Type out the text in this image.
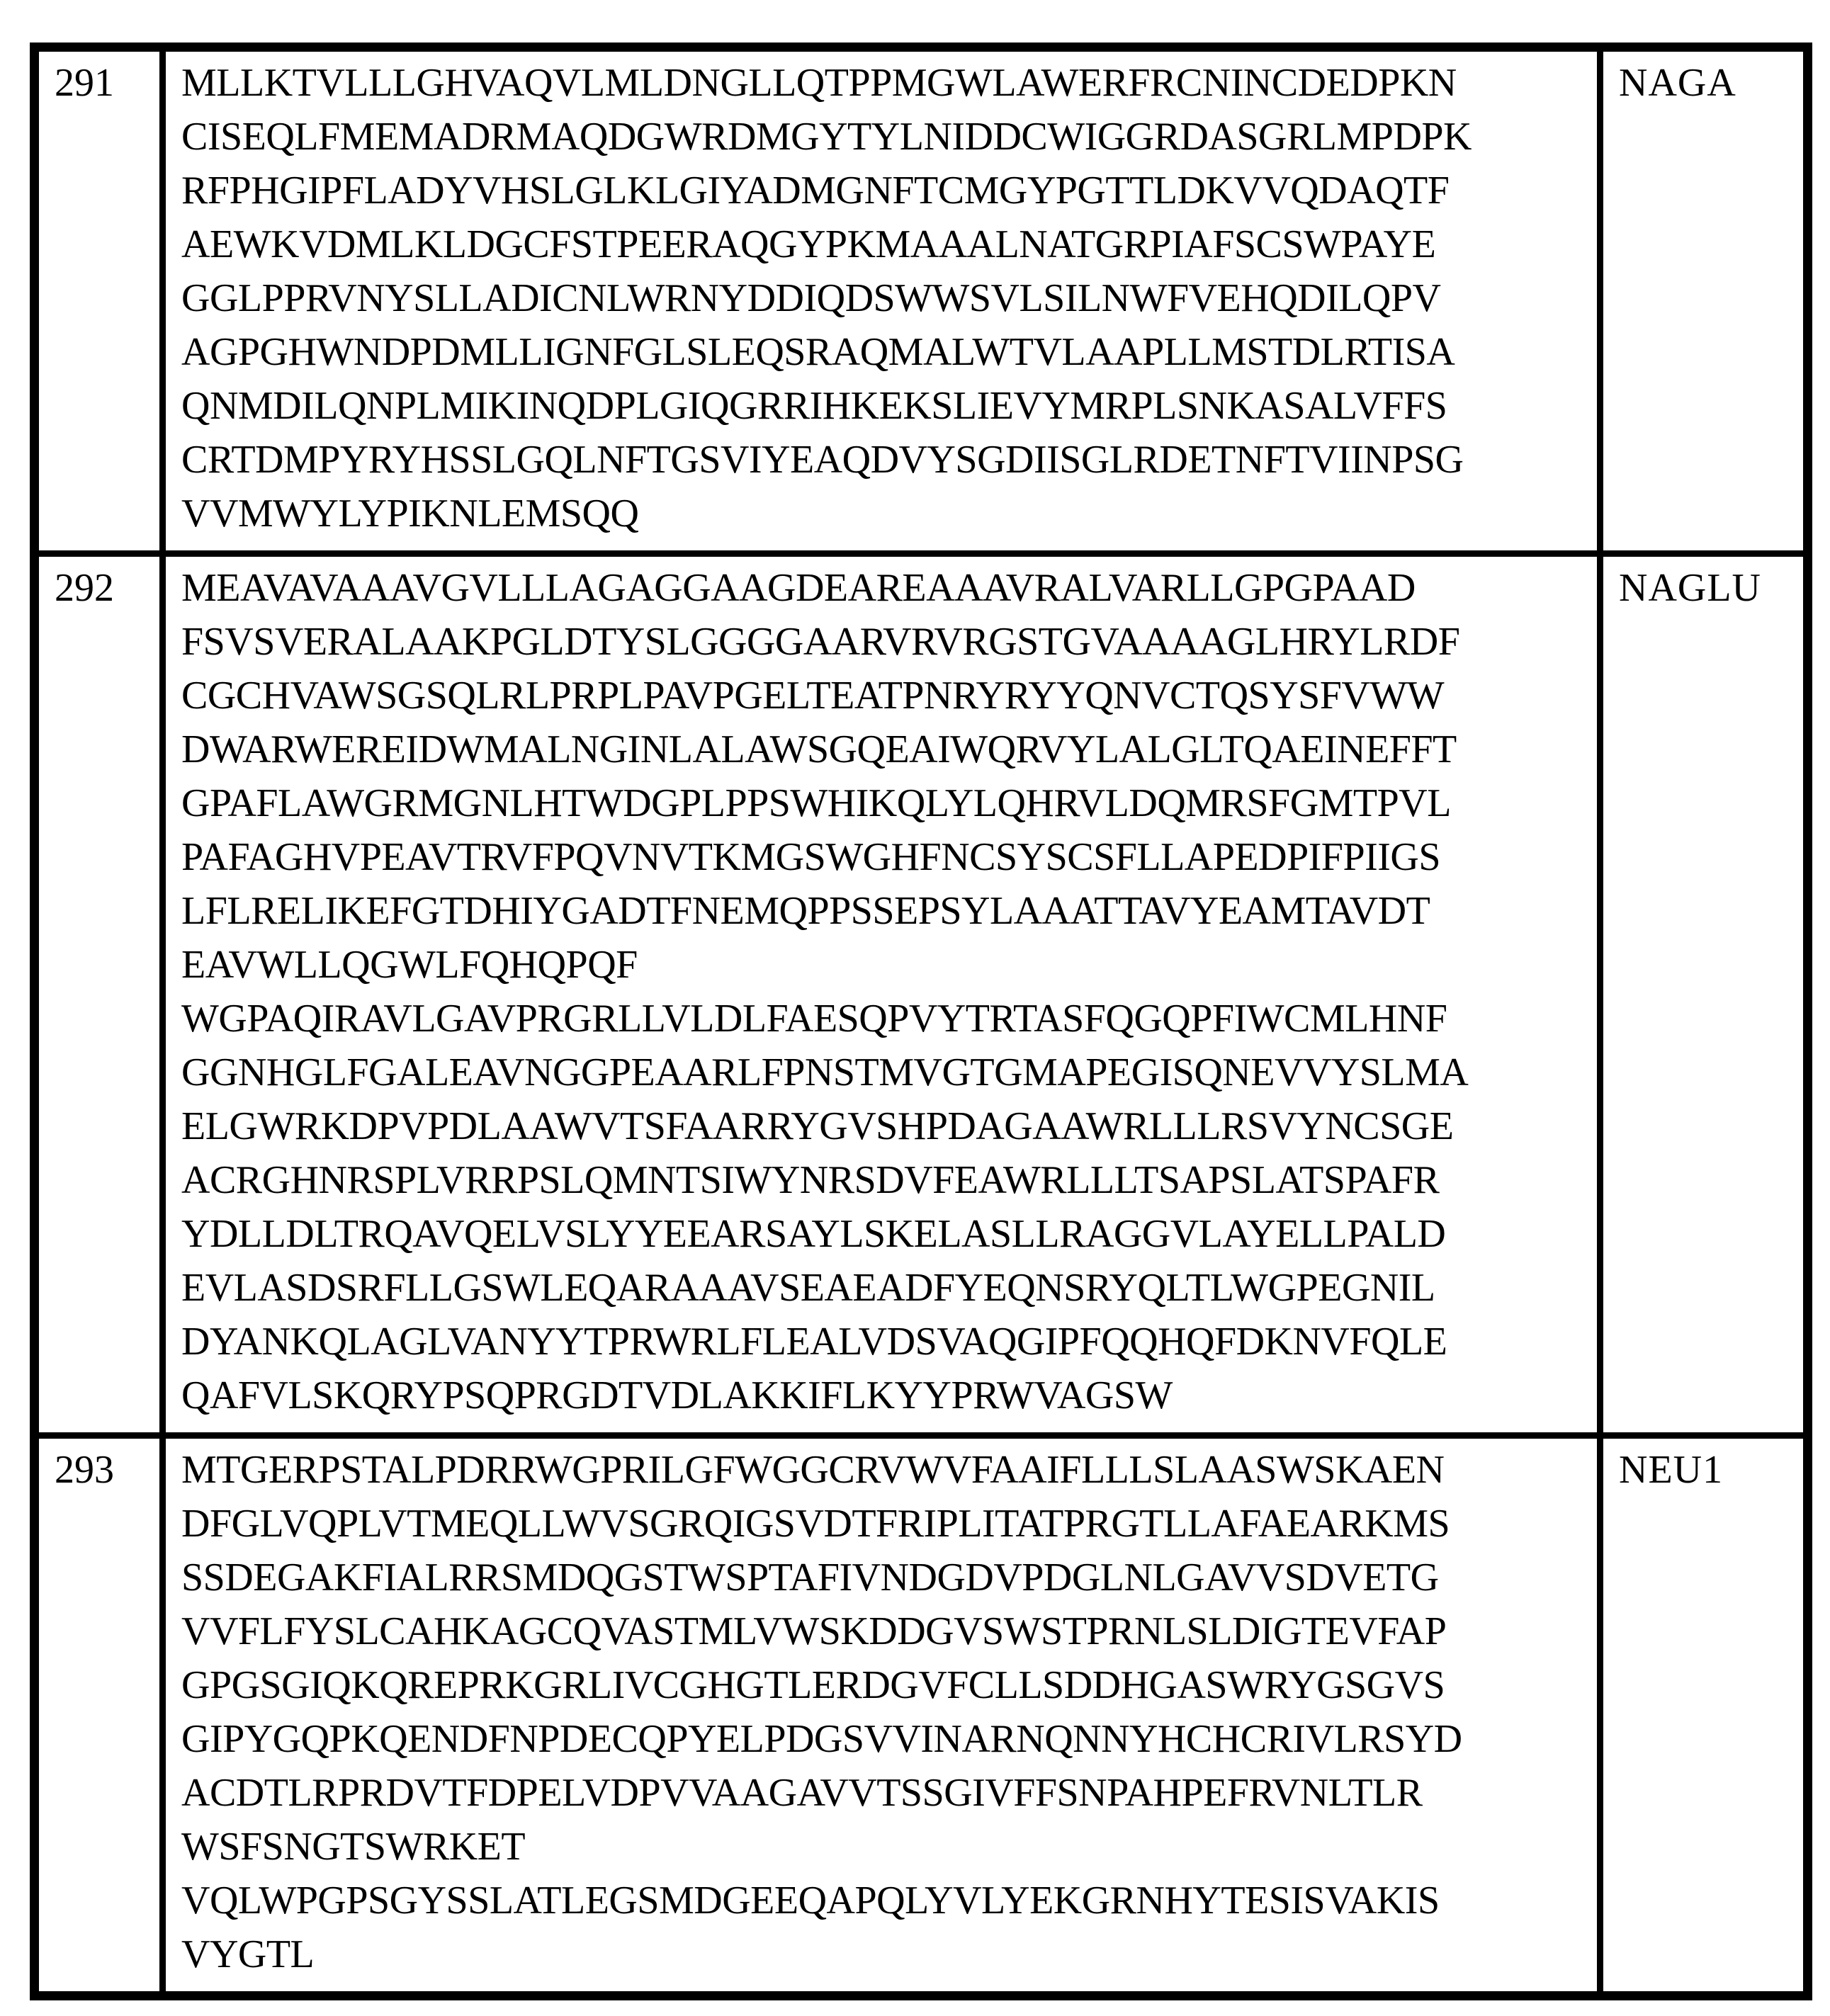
291	MLLKTVLLLGHVAQVLMLDNGLLQTPPMGWLAWERFRCNINCDEDPKN
CISEQLFMEMADRMAQDGWRDMGYTYLNIDDCWIGGRDASGRLMPDPK
RFPHGIPFLADYVHSLGLKLGIYADMGNFTCMGYPGTTLDKVVQDAQTF
AEWKVDMLKLDGCFSTPEERAQGYPKMAAALNATGRPIAFSCSWPAYE
GGLPPRVNYSLLADICNLWRNYDDIQDSWWSVLSILNWFVEHQDILQPV
AGPGHWNDPDMLLIGNFGLSLEQSRAQMALWTVLAAPLLMSTDLRTISA
QNMDILQNPLMIKINQDPLGIQGRRIHKEKSLIEVYMRPLSNKASALVFFS
CRTDMPYRYHSSLGQLNFTGSVIYEAQDVYSGDIISGLRDETNFTVIINPSG
VVMWYLYPIKNLEMSQQ
	NAGA
292	MEAVAVAAAVGVLLLAGAGGAAGDEAREAAAVRALVARLLGPGPAAD
FSVSVERALAAKPGLDTYSLGGGGAARVRVRGSTGVAAAAGLHRYLRDF
CGCHVAWSGSQLRLPRPLPAVPGELTEATPNRYRYYQNVCTQSYSFVWW
DWARWEREIDWMALNGINLALAWSGQEAIWQRVYLALGLTQAEINEFFT
GPAFLAWGRMGNLHTWDGPLPPSWHIKQLYLQHRVLDQMRSFGMTPVL
PAFAGHVPEAVTRVFPQVNVTKMGSWGHFNCSYSCSFLLAPEDPIFPIIGS
LFLRELIKEFGTDHIYGADTFNEMQPPSSEPSYLAAATTAVYEAMTAVDT
EAVWLLQGWLFQHQPQF
WGPAQIRAVLGAVPRGRLLVLDLFAESQPVYTRTASFQGQPFIWCMLHNF
GGNHGLFGALEAVNGGPEAARLFPNSTMVGTGMAPEGISQNEVVYSLMA
ELGWRKDPVPDLAAWVTSFAARRYGVSHPDAGAAWRLLLRSVYNCSGE
ACRGHNRSPLVRRPSLQMNTSIWYNRSDVFEAWRLLLTSAPSLATSPAFR
YDLLDLTRQAVQELVSLYYEEARSAYLSKELASLLRAGGVLAYELLPALD
EVLASDSRFLLGSWLEQARAAAVSEAEADFYEQNSRYQLTLWGPEGNIL
DYANKQLAGLVANYYTPRWRLFLEALVDSVAQGIPFQQHQFDKNVFQLE
QAFVLSKQRYPSQPRGDTVDLAKKIFLKYYPRWVAGSW
	NAGLU
293	MTGERPSTALPDRRWGPRILGFWGGCRVWVFAAIFLLLSLAASWSKAEN
DFGLVQPLVTMEQLLWVSGRQIGSVDTFRIPLITATPRGTLLAFAEARKMS
SSDEGAKFIALRRSMDQGSTWSPTAFIVNDGDVPDGLNLGAVVSDVETG
VVFLFYSLCAHKAGCQVASTMLVWSKDDGVSWSTPRNLSLDIGTEVFAP
GPGSGIQKQREPRKGRLIVCGHGTLERDGVFCLLSDDHGASWRYGSGVS
GIPYGQPKQENDFNPDECQPYELPDGSVVINARNQNNYHCHCRIVLRSYD
ACDTLRPRDVTFDPELVDPVVAAGAVVTSSGIVFFSNPAHPEFRVNLTLR
WSFSNGTSWRKET
VQLWPGPSGYSSLATLEGSMDGEEQAPQLYVLYEKGRNHYTESISVAKIS
VYGTL
	NEU1
